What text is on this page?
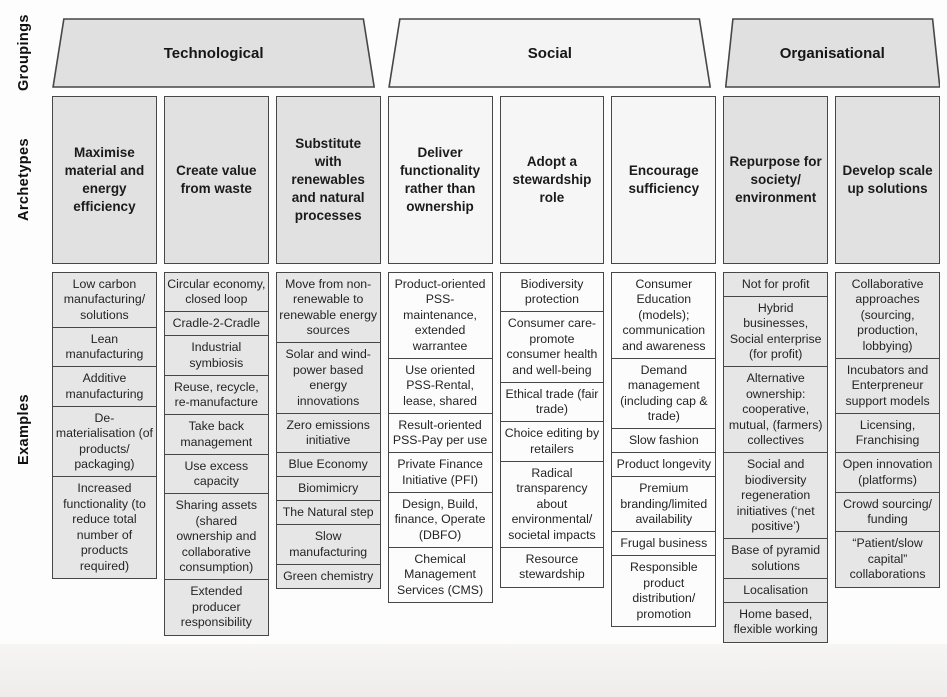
Groupings
Archetypes
Examples
Technological	Social	Organisational
Maximise material and energy efficiency
Create value from waste
Substitute with renewables and natural processes
Deliver functionality rather than ownership
Adopt a stewardship role
Encourage sufficiency
Repurpose for society/ environment
Develop scale up solutions
Low carbon manufacturing/ solutions
Lean manufacturing
Additive manufacturing
De-materialisation (of products/ packaging)
Increased functionality (to reduce total number of products required)
Circular economy, closed loop
Cradle-2-Cradle
Industrial symbiosis
Reuse, recycle, re-manufacture
Take back management
Use excess capacity
Sharing assets (shared ownership and collaborative consumption)
Extended producer responsibility
Move from non-renewable to renewable energy sources
Solar and wind-power based energy innovations
Zero emissions initiative
Blue Economy
Biomimicry
The Natural step
Slow manufacturing
Green chemistry
Product-oriented PSS-maintenance, extended warrantee
Use oriented PSS-Rental, lease, shared
Result-oriented PSS-Pay per use
Private Finance Initiative (PFI)
Design, Build, finance, Operate (DBFO)
Chemical Management Services (CMS)
Biodiversity protection
Consumer care-promote consumer health and well-being
Ethical trade (fair trade)
Choice editing by retailers
Radical transparency about environmental/ societal impacts
Resource stewardship
Consumer Education (models); communication and awareness
Demand management (including cap & trade)
Slow fashion
Product longevity
Premium branding/limited availability
Frugal business
Responsible product distribution/ promotion
Not for profit
Hybrid businesses, Social enterprise (for profit)
Alternative ownership: cooperative, mutual, (farmers) collectives
Social and biodiversity regeneration initiatives (‘net positive’)
Base of pyramid solutions
Localisation
Home based, flexible working
Collaborative approaches (sourcing, production, lobbying)
Incubators and Enterpreneur support models
Licensing, Franchising
Open innovation (platforms)
Crowd sourcing/ funding
“Patient/slow capital” collaborations
